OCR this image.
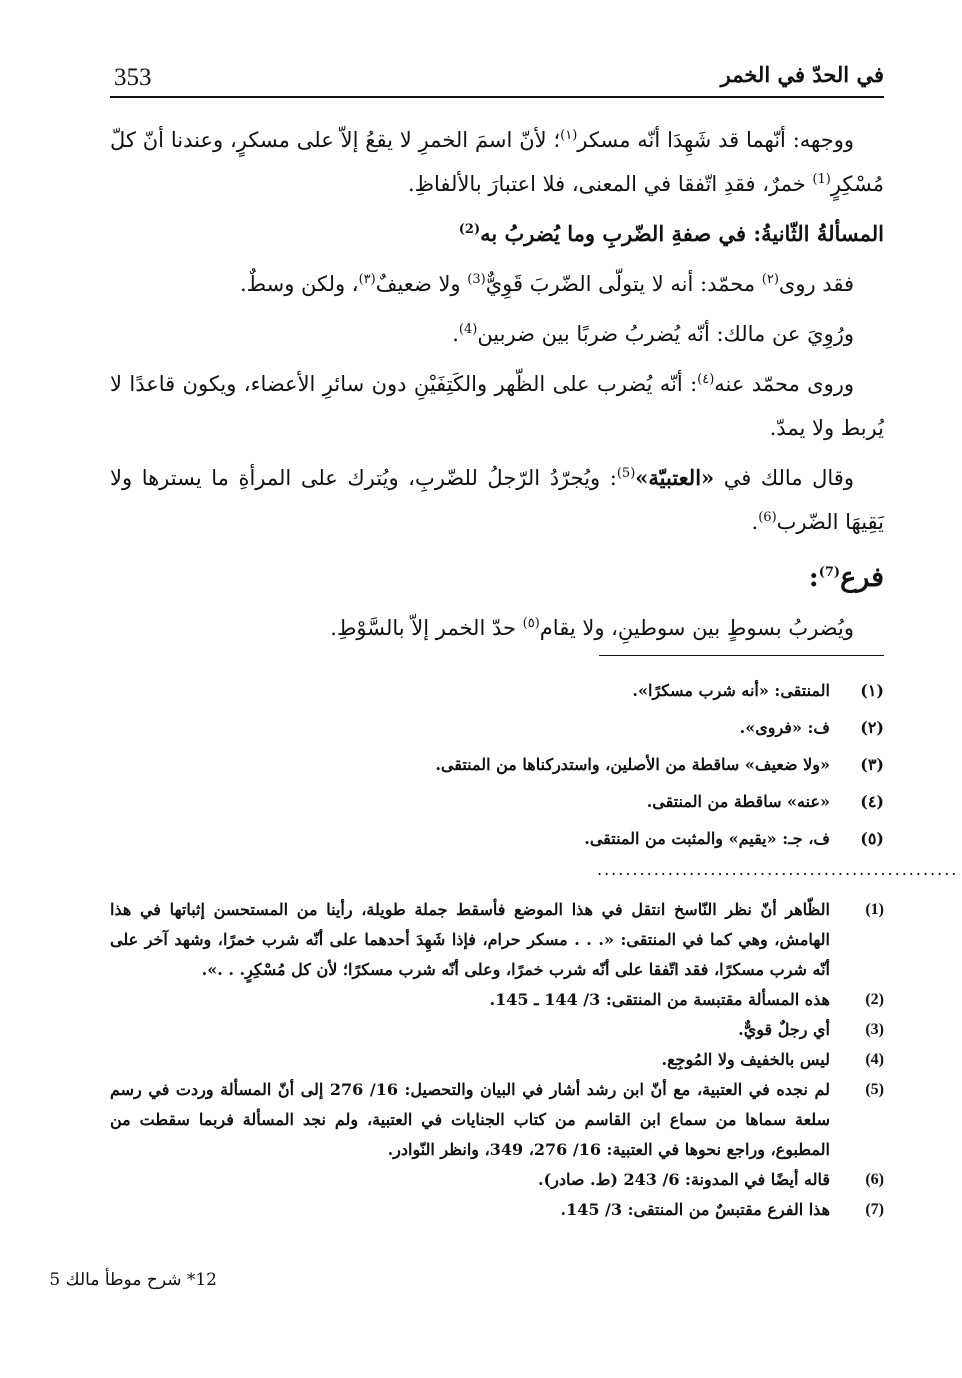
353	في الحدّ في الخمر

ووجهه: أنّهما قد شَهِدَا أنّه مسكر$^{(١)}$؛ لأنّ اسمَ الخمرِ لا يقعُ إلاّ على مسكرٍ، وعندنا أنّ كلّ مُسْكِرٍ$^{(1)}$ خمرٌ، فقدِ اتّفقا في المعنى، فلا اعتبارَ بالألفاظِ.

المسألةُ الثّانيةُ: في صفةِ الضّربِ وما يُضربُ به$^{(2)}$

فقد روى$^{(٢)}$ محمّد: أنه لا يتولّى الضّربَ قَوِيٌّ$^{(3)}$ ولا ضعيفٌ$^{(٣)}$، ولكن وسطٌ.

ورُوِيَ عن مالك: أنّه يُضربُ ضربًا بين ضربين$^{(4)}$.

وروى محمّد عنه$^{(٤)}$: أنّه يُضرب على الظّهر والكَتِفَيْنِ دون سائرِ الأعضاء، ويكون قاعدًا لا يُربط ولا يمدّ.

وقال مالك في «العتبيّة»$^{(5)}$: ويُجرّدُ الرّجلُ للضّربِ، ويُترك على المرأةِ ما يسترها ولا يَقِيهَا الضّرب$^{(6)}$.

فرع$^{(7)}$:

ويُضربُ بسوطٍ بين سوطينِ، ولا يقام$^{(٥)}$ حدّ الخمر إلاّ بالسَّوْطِ.

(١)
المنتقى: «أنه شرب مسكرًا».
(٢)
ف: «فروى».
(٣)
«ولا ضعيف» ساقطة من الأصلين، واستدركناها من المنتقى.
(٤)
«عنه» ساقطة من المنتقى.
(٥)
ف، جـ: «يقيم» والمثبت من المنتقى.
...................................................
(1)
الظّاهر أنّ نظر النّاسخ انتقل في هذا الموضع فأسقط جملة طويلة، رأينا من المستحسن إثباتها في هذا الهامش، وهي كما في المنتقى: «. . . مسكر حرام، فإذا شَهِدَ أحدهما على أنّه شرب خمرًا، وشهد آخر على أنّه شرب مسكرًا، فقد اتّفقا على أنّه شرب خمرًا، وعلى أنّه شرب مسكرًا؛ لأن كل مُسْكِرٍ. . .».
(2)
هذه المسألة مقتبسة من المنتقى: 3/ 144 ـ 145.
(3)
أي رجلٌ قويٌّ.
(4)
ليس بالخفيف ولا المُوجِع.
(5)
لم نجده في العتبية، مع أنّ ابن رشد أشار في البيان والتحصيل: 16/ 276 إلى أنّ المسألة وردت في رسم سلعة سماها من سماع ابن القاسم من كتاب الجنايات في العتبية، ولم نجد المسألة فربما سقطت من المطبوع، وراجع نحوها في العتبية: 16/ 276، 349، وانظر النّوادر.
(6)
قاله أيضًا في المدونة: 6/ 243 (ط. صادر).
(7)
هذا الفرع مقتبسٌ من المنتقى: 3/ 145.
12* شرح موطأ مالك 5
